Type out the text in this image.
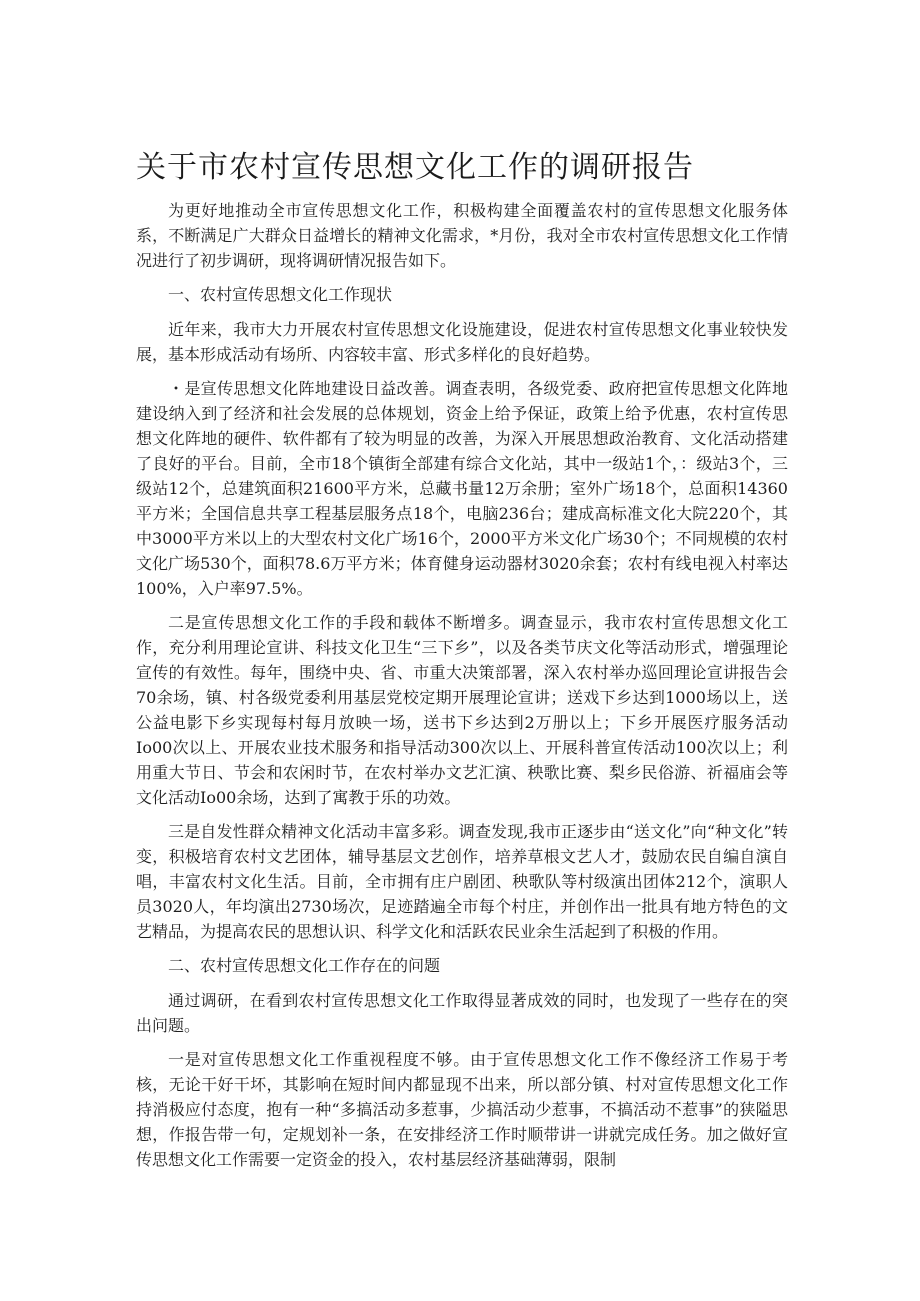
关于市农村宣传思想文化工作的调研报告

为更好地推动全市宣传思想文化工作，积极构建全面覆盖农村的宣传思想文化服务体系，不断满足广大群众日益增长的精神文化需求，*月份，我对全市农村宣传思想文化工作情况进行了初步调研，现将调研情况报告如下。

一、农村宣传思想文化工作现状

近年来，我市大力开展农村宣传思想文化设施建设，促进农村宣传思想文化事业较快发展，基本形成活动有场所、内容较丰富、形式多样化的良好趋势。

・是宣传思想文化阵地建设日益改善。调查表明，各级党委、政府把宣传思想文化阵地建设纳入到了经济和社会发展的总体规划，资金上给予保证，政策上给予优惠，农村宣传思想文化阵地的硬件、软件都有了较为明显的改善，为深入开展思想政治教育、文化活动搭建了良好的平台。目前，全市18个镇街全部建有综合文化站，其中一级站1个，：级站3个，三级站12个，总建筑面积21600平方米，总藏书量12万余册；室外广场18个，总面积14360平方米；全国信息共享工程基层服务点18个，电脑236台；建成高标准文化大院220个，其中3000平方米以上的大型农村文化广场16个，2000平方米文化广场30个；不同规模的农村文化广场530个，面积78.6万平方米；体育健身运动器材3020余套；农村有线电视入村率达100%，入户率97.5%。

二是宣传思想文化工作的手段和载体不断增多。调查显示，我市农村宣传思想文化工作，充分利用理论宣讲、科技文化卫生“三下乡”，以及各类节庆文化等活动形式，增强理论宣传的有效性。每年，围绕中央、省、市重大决策部署，深入农村举办巡回理论宣讲报告会70余场，镇、村各级党委利用基层党校定期开展理论宣讲；送戏下乡达到1000场以上，送公益电影下乡实现每村每月放映一场，送书下乡达到2万册以上；下乡开展医疗服务活动Io00次以上、开展农业技术服务和指导活动300次以上、开展科普宣传活动100次以上；利用重大节日、节会和农闲时节，在农村举办文艺汇演、秧歌比赛、梨乡民俗游、祈福庙会等文化活动Io00余场，达到了寓教于乐的功效。

三是自发性群众精神文化活动丰富多彩。调查发现,我市正逐步由“送文化”向“种文化”转变，积极培育农村文艺团体，辅导基层文艺创作，培养草根文艺人才，鼓励农民自编自演自唱，丰富农村文化生活。目前，全市拥有庄户剧团、秧歌队等村级演出团体212个，演职人员3020人，年均演出2730场次，足迹踏遍全市每个村庄，并创作出一批具有地方特色的文艺精品，为提高农民的思想认识、科学文化和活跃农民业余生活起到了积极的作用。

二、农村宣传思想文化工作存在的问题

通过调研，在看到农村宣传思想文化工作取得显著成效的同时，也发现了一些存在的突出问题。

一是对宣传思想文化工作重视程度不够。由于宣传思想文化工作不像经济工作易于考核，无论干好干坏，其影响在短时间内都显现不出来，所以部分镇、村对宣传思想文化工作持消极应付态度，抱有一种“多搞活动多惹事，少搞活动少惹事，不搞活动不惹事”的狭隘思想，作报告带一句，定规划补一条，在安排经济工作时顺带讲一讲就完成任务。加之做好宣传思想文化工作需要一定资金的投入，农村基层经济基础薄弱，限制
